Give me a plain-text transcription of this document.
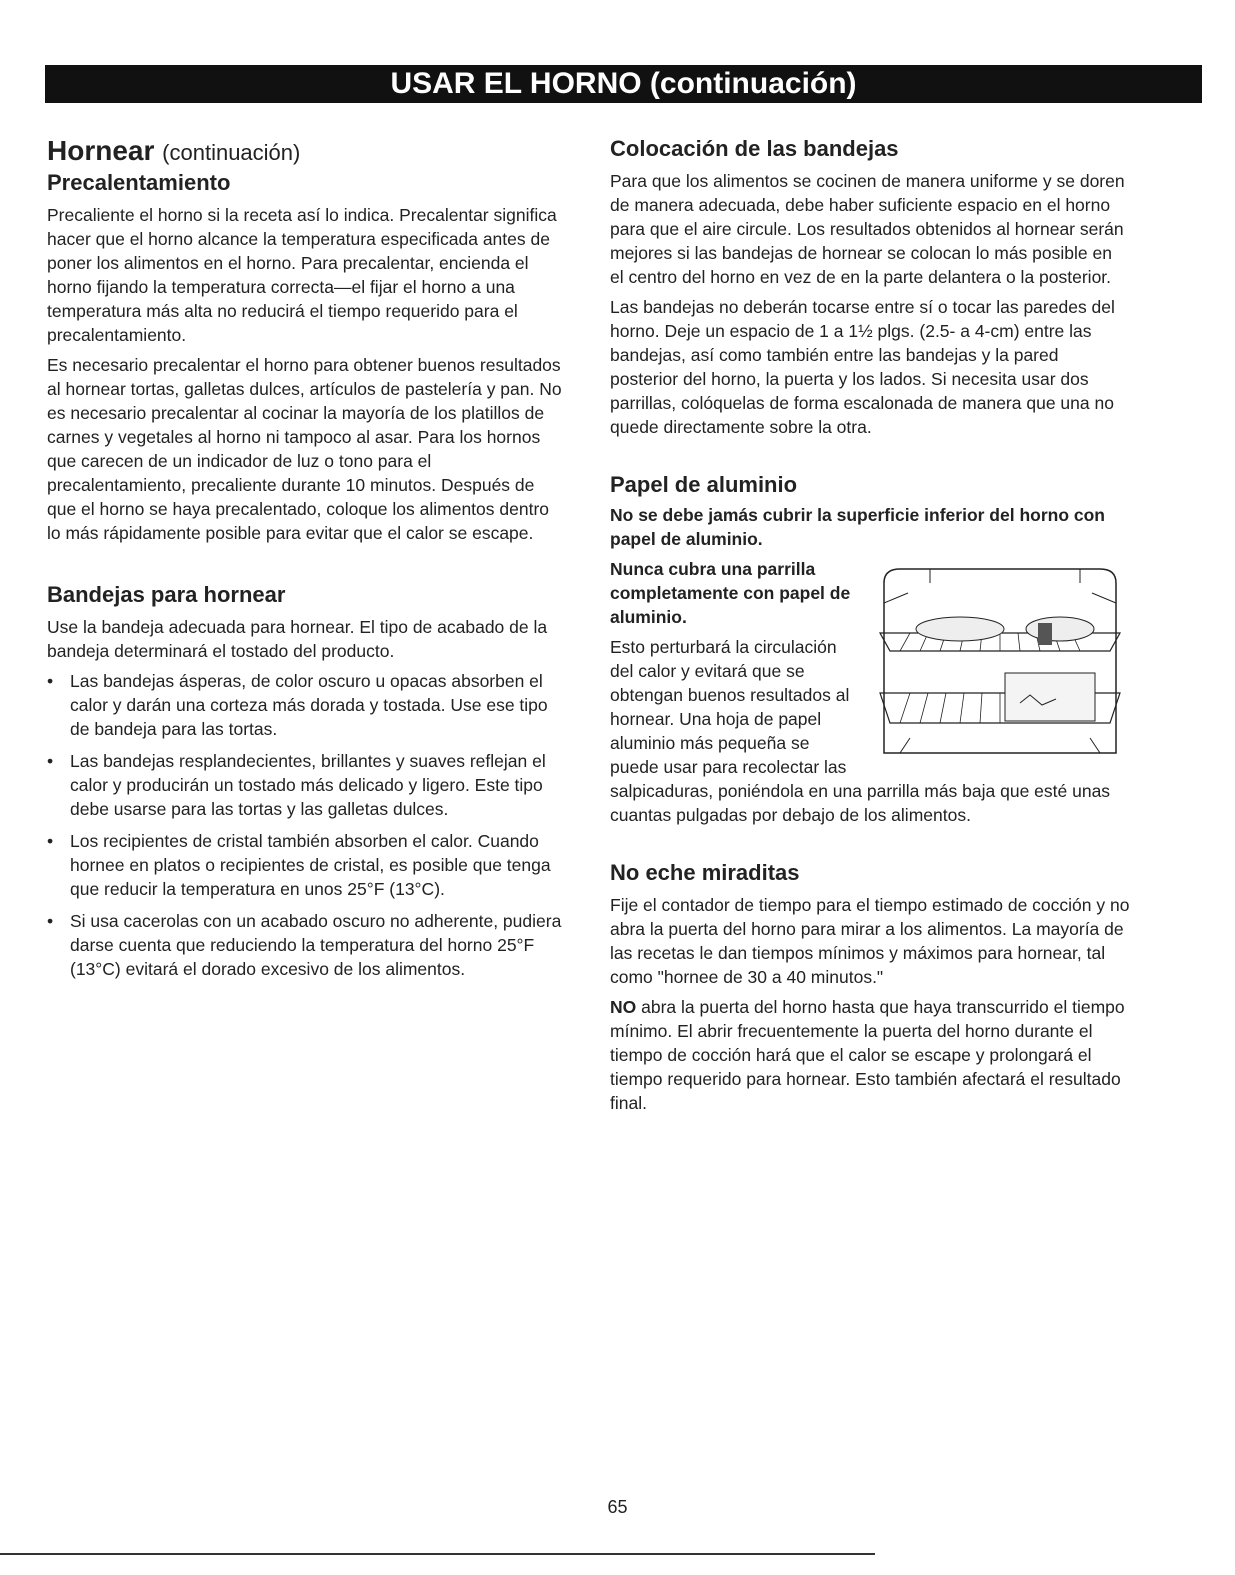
USAR EL HORNO (continuación)
Hornear (continuación)
Precalentamiento

Precaliente el horno si la receta así lo indica. Precalentar significa hacer que el horno alcance la temperatura especificada antes de poner los alimentos en el horno. Para precalentar, encienda el horno fijando la temperatura correcta—el fijar el horno a una temperatura más alta no reducirá el tiempo requerido para el precalentamiento.

Es necesario precalentar el horno para obtener buenos resultados al hornear tortas, galletas dulces, artículos de pastelería y pan. No es necesario precalentar al cocinar la mayoría de los platillos de carnes y vegetales al horno ni tampoco al asar. Para los hornos que carecen de un indicador de luz o tono para el precalentamiento, precaliente durante 10 minutos. Después de que el horno se haya precalentado, coloque los alimentos dentro lo más rápidamente posible para evitar que el calor se escape.

Bandejas para hornear

Use la bandeja adecuada para hornear. El tipo de acabado de la bandeja determinará el tostado del producto.

• Las bandejas ásperas, de color oscuro u opacas absorben el calor y darán una corteza más dorada y tostada. Use ese tipo de bandeja para las tortas.
• Las bandejas resplandecientes, brillantes y suaves reflejan el calor y producirán un tostado más delicado y ligero. Este tipo debe usarse para las tortas y las galletas dulces.
• Los recipientes de cristal también absorben el calor. Cuando hornee en platos o recipientes de cristal, es posible que tenga que reducir la temperatura en unos 25°F (13°C).
• Si usa cacerolas con un acabado oscuro no adherente, pudiera darse cuenta que reduciendo la temperatura del horno 25°F (13°C) evitará el dorado excesivo de los alimentos.
Colocación de las bandejas

Para que los alimentos se cocinen de manera uniforme y se doren de manera adecuada, debe haber suficiente espacio en el horno para que el aire circule. Los resultados obtenidos al hornear serán mejores si las bandejas de hornear se colocan lo más posible en el centro del horno en vez de en la parte delantera o la posterior.

Las bandejas no deberán tocarse entre sí o tocar las paredes del horno. Deje un espacio de 1 a 1½ plgs. (2.5- a 4-cm) entre las bandejas, así como también entre las bandejas y la pared posterior del horno, la puerta y los lados. Si necesita usar dos parrillas, colóquelas de forma escalonada de manera que una no quede directamente sobre la otra.

Papel de aluminio

No se debe jamás cubrir la superficie inferior del horno con papel de aluminio.

Nunca cubra una parrilla completamente con papel de aluminio.

Esto perturbará la circulación del calor y evitará que se obtengan buenos resultados al hornear. Una hoja de papel aluminio más pequeña se puede usar para recolectar las salpicaduras, poniéndola en una parrilla más baja que esté unas cuantas pulgadas por debajo de los alimentos.

No eche miraditas

Fije el contador de tiempo para el tiempo estimado de cocción y no abra la puerta del horno para mirar a los alimentos. La mayoría de las recetas le dan tiempos mínimos y máximos para hornear, tal como "hornee de 30 a 40 minutos."

NO abra la puerta del horno hasta que haya transcurrido el tiempo mínimo. El abrir frecuentemente la puerta del horno durante el tiempo de cocción hará que el calor se escape y prolongará el tiempo requerido para hornear. Esto también afectará el resultado final.

65
